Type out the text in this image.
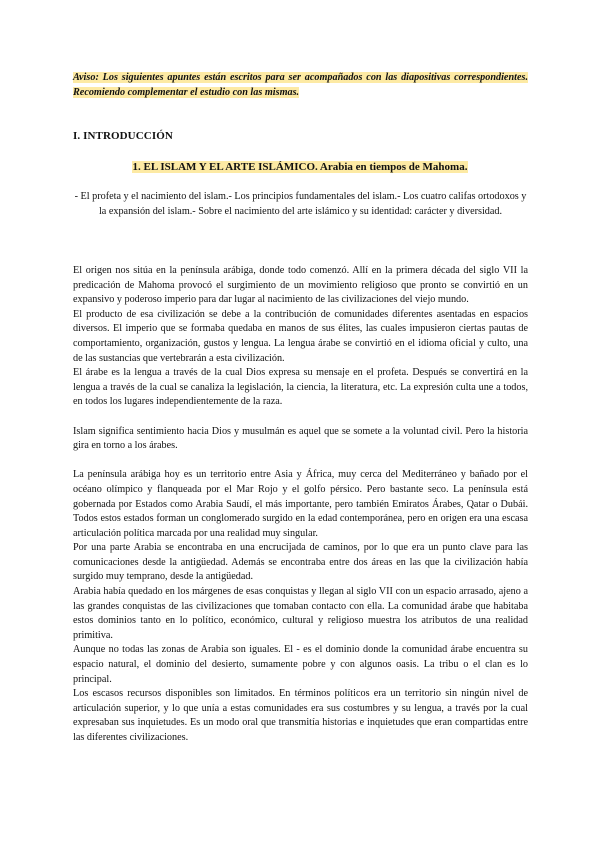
Aviso: Los siguientes apuntes están escritos para ser acompañados con las diapositivas correspondientes. Recomiendo complementar el estudio con las mismas.
I. INTRODUCCIÓN
1. EL ISLAM Y EL ARTE ISLÁMICO. Arabia en tiempos de Mahoma.
- El profeta y el nacimiento del islam.- Los principios fundamentales del islam.- Los cuatro califas ortodoxos y la expansión del islam.- Sobre el nacimiento del arte islámico y su identidad: carácter y diversidad.

El origen nos sitúa en la península arábiga, donde todo comenzó. Allí en la primera década del siglo VII la predicación de Mahoma provocó el surgimiento de un movimiento religioso que pronto se convirtió en un expansivo y poderoso imperio para dar lugar al nacimiento de las civilizaciones del viejo mundo.

El producto de esa civilización se debe a la contribución de comunidades diferentes asentadas en espacios diversos. El imperio que se formaba quedaba en manos de sus élites, las cuales impusieron ciertas pautas de comportamiento, organización, gustos y lengua. La lengua árabe se convirtió en el idioma oficial y culto, una de las sustancias que vertebrarán a esta civilización.

El árabe es la lengua a través de la cual Dios expresa su mensaje en el profeta. Después se convertirá en la lengua a través de la cual se canaliza la legislación, la ciencia, la literatura, etc. La expresión culta une a todos, en todos los lugares independientemente de la raza.

Islam significa sentimiento hacia Dios y musulmán es aquel que se somete a la voluntad civil. Pero la historia gira en torno a los árabes.

La península arábiga hoy es un territorio entre Asia y África, muy cerca del Mediterráneo y bañado por el océano olímpico y flanqueada por el Mar Rojo y el golfo pérsico. Pero bastante seco. La península está gobernada por Estados como Arabia Saudí, el más importante, pero también Emiratos Árabes, Qatar o Dubái. Todos estos estados forman un conglomerado surgido en la edad contemporánea, pero en origen era una escasa articulación política marcada por una realidad muy singular.

Por una parte Arabia se encontraba en una encrucijada de caminos, por lo que era un punto clave para las comunicaciones desde la antigüedad. Además se encontraba entre dos áreas en las que la civilización había surgido muy temprano, desde la antigüedad.

Arabia había quedado en los márgenes de esas conquistas y llegan al siglo VII con un espacio arrasado, ajeno a las grandes conquistas de las civilizaciones que tomaban contacto con ella. La comunidad árabe que habitaba estos dominios tanto en lo político, económico, cultural y religioso muestra los atributos de una realidad primitiva.

Aunque no todas las zonas de Arabia son iguales. El - es el dominio donde la comunidad árabe encuentra su espacio natural, el dominio del desierto, sumamente pobre y con algunos oasis. La tribu o el clan es lo principal.

Los escasos recursos disponibles son limitados. En términos políticos era un territorio sin ningún nivel de articulación superior, y lo que unía a estas comunidades era sus costumbres y su lengua, a través por la cual expresaban sus inquietudes. Es un modo oral que transmitía historias e inquietudes que eran compartidas entre las diferentes civilizaciones.
